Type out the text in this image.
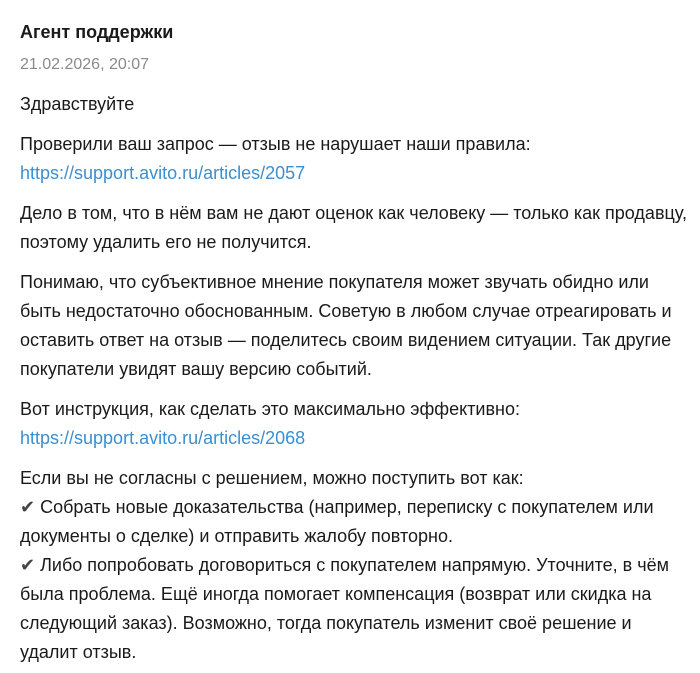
Агент поддержки
21.02.2026, 20:07

Здравствуйте

Проверили ваш запрос — отзыв не нарушает наши правила: https://support.avito.ru/articles/2057

Дело в том, что в нём вам не дают оценок как человеку — только как продавцу, поэтому удалить его не получится.

Понимаю, что субъективное мнение покупателя может звучать обидно или быть недостаточно обоснованным. Советую в любом случае отреагировать и оставить ответ на отзыв — поделитесь своим видением ситуации. Так другие покупатели увидят вашу версию событий.

Вот инструкция, как сделать это максимально эффективно: https://support.avito.ru/articles/2068

Если вы не согласны с решением, можно поступить вот как:
✔ Собрать новые доказательства (например, переписку с покупателем или документы о сделке) и отправить жалобу повторно.
✔ Либо попробовать договориться с покупателем напрямую. Уточните, в чём была проблема. Ещё иногда помогает компенсация (возврат или скидка на следующий заказ). Возможно, тогда покупатель изменит своё решение и удалит отзыв.
